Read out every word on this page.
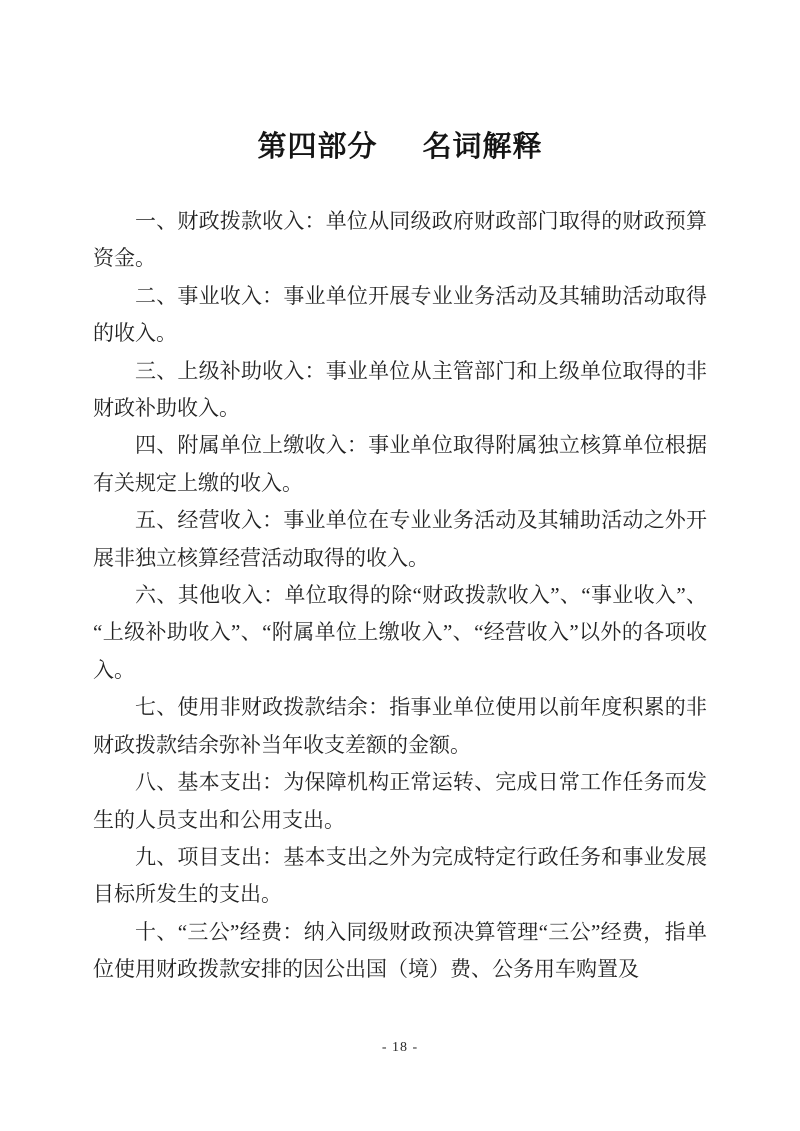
第四部分 名词解释

一、财政拨款收入：单位从同级政府财政部门取得的财政预算资金。

二、事业收入：事业单位开展专业业务活动及其辅助活动取得的收入。

三、上级补助收入：事业单位从主管部门和上级单位取得的非财政补助收入。

四、附属单位上缴收入：事业单位取得附属独立核算单位根据有关规定上缴的收入。

五、经营收入：事业单位在专业业务活动及其辅助活动之外开展非独立核算经营活动取得的收入。

六、其他收入：单位取得的除“财政拨款收入”、“事业收入”、“上级补助收入”、“附属单位上缴收入”、“经营收入”以外的各项收入。

七、使用非财政拨款结余：指事业单位使用以前年度积累的非财政拨款结余弥补当年收支差额的金额。

八、基本支出：为保障机构正常运转、完成日常工作任务而发生的人员支出和公用支出。

九、项目支出：基本支出之外为完成特定行政任务和事业发展目标所发生的支出。

十、“三公”经费：纳入同级财政预决算管理“三公”经费，指单位使用财政拨款安排的因公出国（境）费、公务用车购置及

- 18 -
